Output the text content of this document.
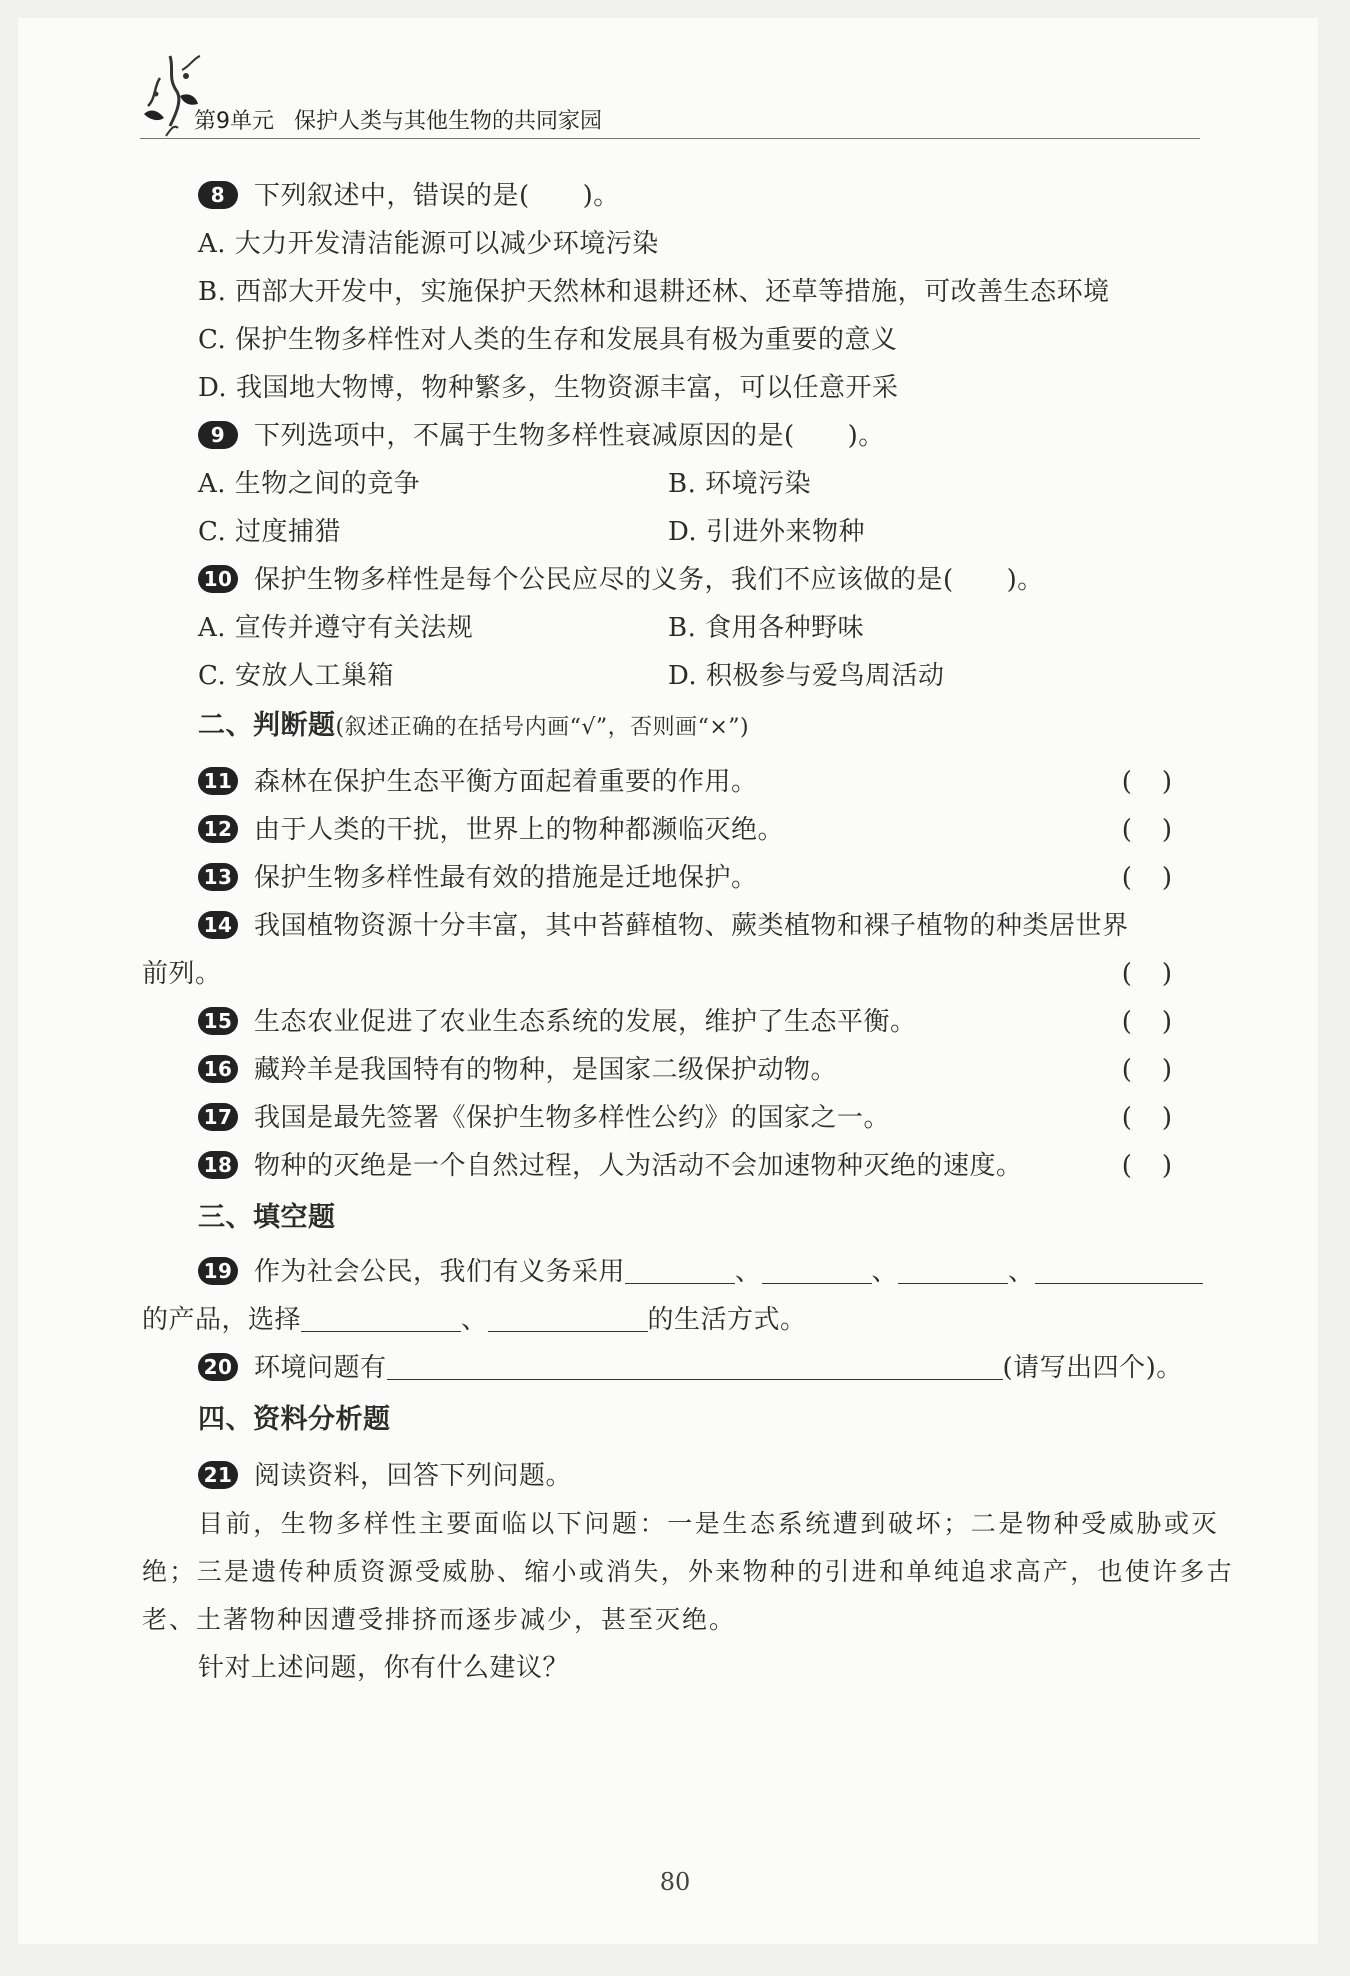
第9单元 保护人类与其他生物的共同家园
8 下列叙述中，错误的是(　　)。
A. 大力开发清洁能源可以减少环境污染
B. 西部大开发中，实施保护天然林和退耕还林、还草等措施，可改善生态环境
C. 保护生物多样性对人类的生存和发展具有极为重要的意义
D. 我国地大物博，物种繁多，生物资源丰富，可以任意开采
9 下列选项中，不属于生物多样性衰减原因的是(　　)。
A. 生物之间的竞争	B. 环境污染
C. 过度捕猎	D. 引进外来物种
10 保护生物多样性是每个公民应尽的义务，我们不应该做的是(　　)。
A. 宣传并遵守有关法规	B. 食用各种野味
C. 安放人工巢箱	D. 积极参与爱鸟周活动
二、判断题(叙述正确的在括号内画“√”，否则画“×”)
11 森林在保护生态平衡方面起着重要的作用。	()
12 由于人类的干扰，世界上的物种都濒临灭绝。	()
13 保护生物多样性最有效的措施是迁地保护。	()
14 我国植物资源十分丰富，其中苔藓植物、蕨类植物和裸子植物的种类居世界
前列。	()
15 生态农业促进了农业生态系统的发展，维护了生态平衡。	()
16 藏羚羊是我国特有的物种，是国家二级保护动物。	()
17 我国是最先签署《保护生物多样性公约》的国家之一。	()
18 物种的灭绝是一个自然过程，人为活动不会加速物种灭绝的速度。	()
三、填空题
19 作为社会公民，我们有义务采用	、	、	、
的产品，选择	、	的生活方式。
20 环境问题有	(请写出四个)。
四、资料分析题
21 阅读资料，回答下列问题。
目前，生物多样性主要面临以下问题：一是生态系统遭到破坏；二是物种受威胁或灭
绝；三是遗传种质资源受威胁、缩小或消失，外来物种的引进和单纯追求高产，也使许多古
老、土著物种因遭受排挤而逐步减少，甚至灭绝。
针对上述问题，你有什么建议？
80
